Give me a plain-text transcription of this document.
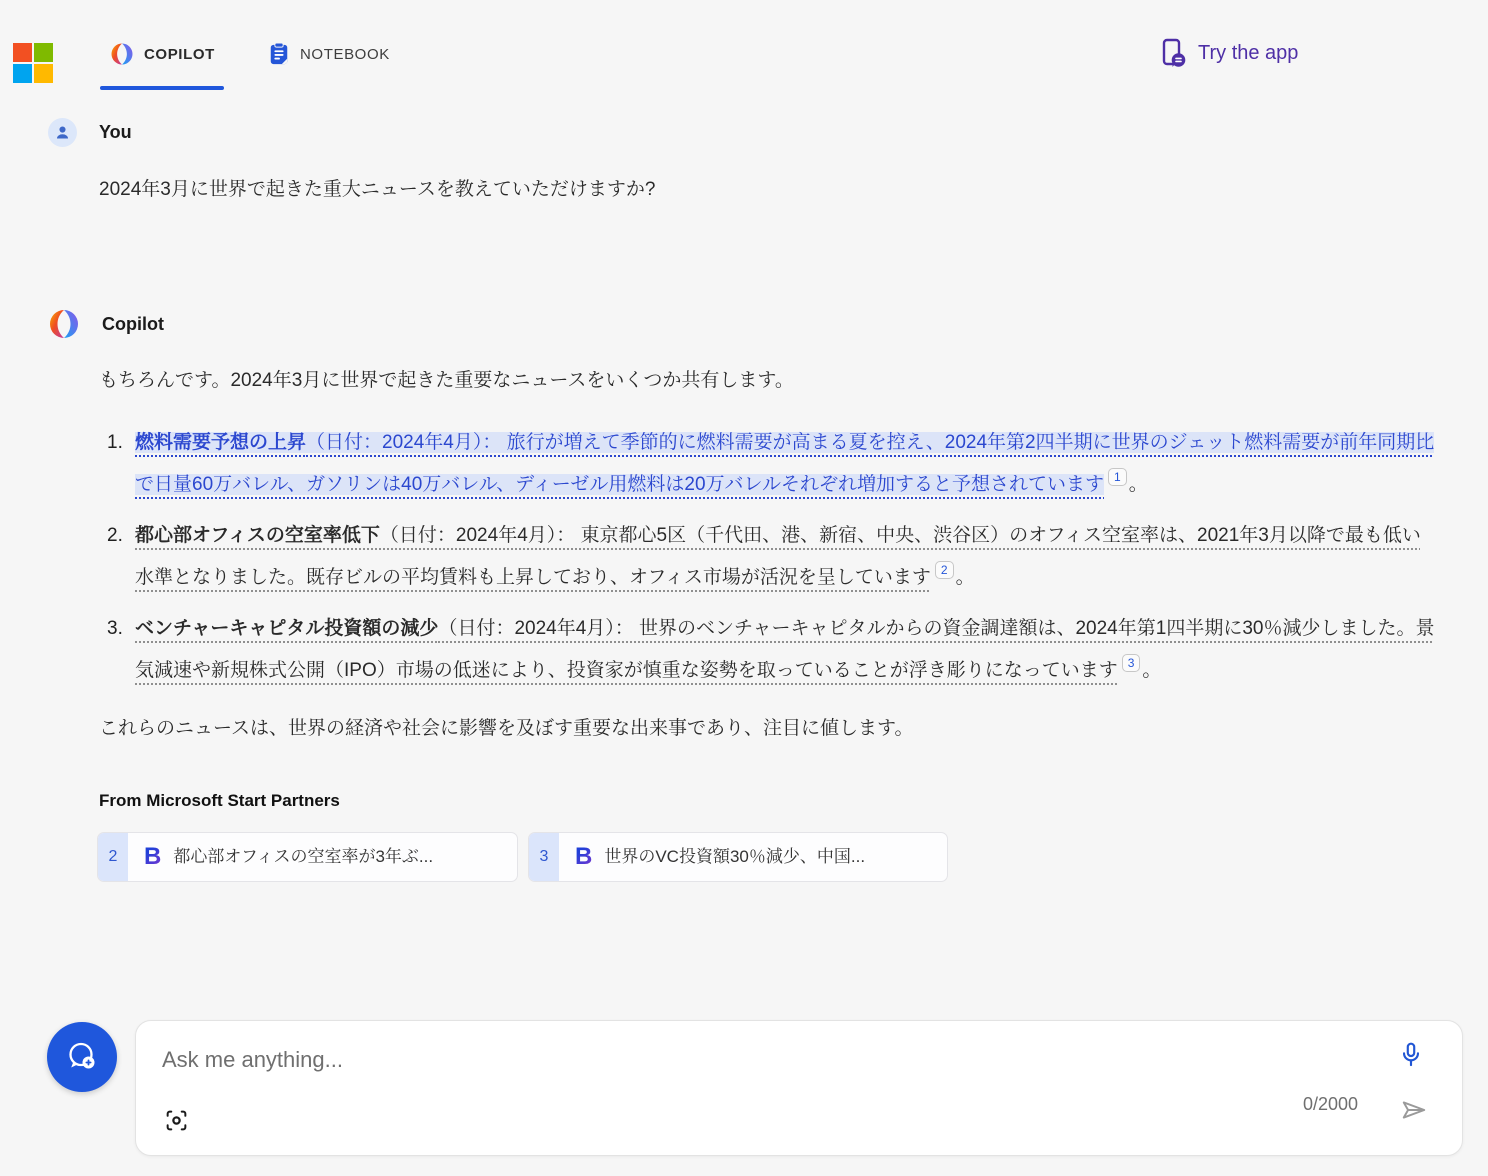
COPILOT	NOTEBOOK	Try the app
You
2024年3月に世界で起きた重大ニュースを教えていただけますか?
Copilot
もちろんです。2024年3月に世界で起きた重要なニュースをいくつか共有します。
1. 燃料需要予想の上昇（日付：2024年4月）： 旅行が増えて季節的に燃料需要が高まる夏を控え、2024年第2四半期に世界のジェット燃料需要が前年同期比で日量60万バレル、ガソリンは40万バレル、ディーゼル用燃料は20万バレルそれぞれ増加すると予想されています 1 。
2. 都心部オフィスの空室率低下（日付：2024年4月）： 東京都心5区（千代田、港、新宿、中央、渋谷区）のオフィス空室率は、2021年3月以降で最も低い水準となりました。既存ビルの平均賃料も上昇しており、オフィス市場が活況を呈しています 2 。
3. ベンチャーキャピタル投資額の減少（日付：2024年4月）： 世界のベンチャーキャピタルからの資金調達額は、2024年第1四半期に30％減少しました。景気減速や新規株式公開（IPO）市場の低迷により、投資家が慎重な姿勢を取っていることが浮き彫りになっています 3 。
これらのニュースは、世界の経済や社会に影響を及ぼす重要な出来事であり、注目に値します。
From Microsoft Start Partners
2	B 都心部オフィスの空室率が3年ぶ...	3	B 世界のVC投資額30％減少、中国...
Ask me anything...
0/2000
